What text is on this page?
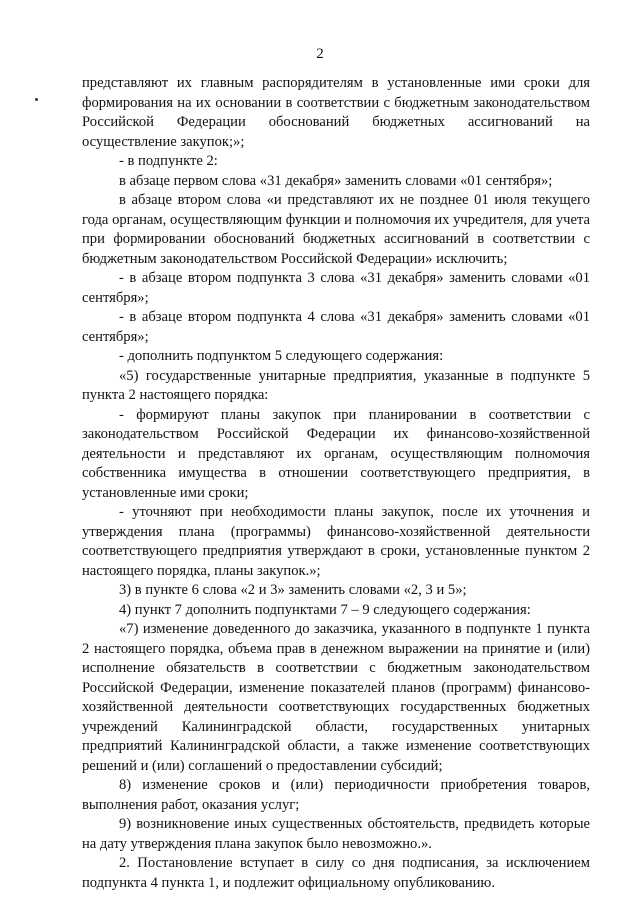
2

представляют их главным распорядителям в установленные ими сроки для формирования на их основании в соответствии с бюджетным законодательством Российской Федерации обоснований бюджетных ассигнований на осуществление закупок;»;

- в подпункте 2:

в абзаце первом слова «31 декабря» заменить словами «01 сентября»;

в абзаце втором слова «и представляют их не позднее 01 июля текущего года органам, осуществляющим функции и полномочия их учредителя, для учета при формировании обоснований бюджетных ассигнований в соответствии с бюджетным законодательством Российской Федерации» исключить;

- в абзаце втором подпункта 3 слова «31 декабря» заменить словами «01 сентября»;

- в абзаце втором подпункта 4 слова «31 декабря» заменить словами «01 сентября»;

- дополнить подпунктом 5 следующего содержания:

«5) государственные унитарные предприятия, указанные в подпункте 5 пункта 2 настоящего порядка:

- формируют планы закупок при планировании в соответствии с законодательством Российской Федерации их финансово-хозяйственной деятельности и представляют их органам, осуществляющим полномочия собственника имущества в отношении соответствующего предприятия, в установленные ими сроки;

- уточняют при необходимости планы закупок, после их уточнения и утверждения плана (программы) финансово-хозяйственной деятельности соответствующего предприятия утверждают в сроки, установленные пунктом 2 настоящего порядка, планы закупок.»;

3) в пункте 6 слова «2 и 3» заменить словами «2, 3 и 5»;

4) пункт 7 дополнить подпунктами 7 – 9 следующего содержания:

«7) изменение доведенного до заказчика, указанного в подпункте 1 пункта 2 настоящего порядка, объема прав в денежном выражении на принятие и (или) исполнение обязательств в соответствии с бюджетным законодательством Российской Федерации, изменение показателей планов (программ) финансово-хозяйственной деятельности соответствующих государственных бюджетных учреждений Калининградской области, государственных унитарных предприятий Калининградской области, а также изменение соответствующих решений и (или) соглашений о предоставлении субсидий;

8) изменение сроков и (или) периодичности приобретения товаров, выполнения работ, оказания услуг;

9) возникновение иных существенных обстоятельств, предвидеть которые на дату утверждения плана закупок было невозможно.».

2. Постановление вступает в силу со дня подписания, за исключением подпункта 4 пункта 1, и подлежит официальному опубликованию.
